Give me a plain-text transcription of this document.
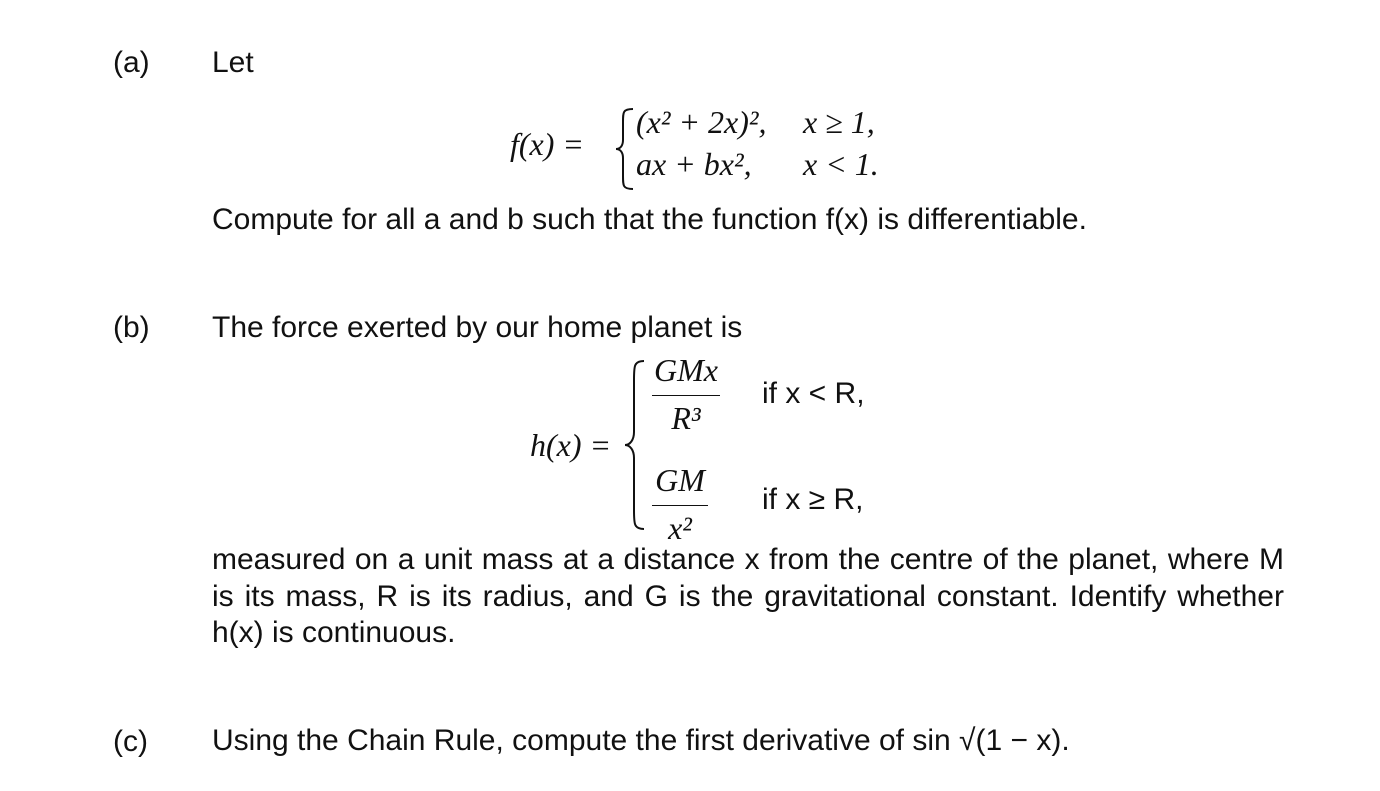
(a) Let
f(x) =
(x² + 2x)², x ≥ 1,
ax + bx², x < 1.
Compute for all a and b such that the function f(x) is differentiable.
(b) The force exerted by our home planet is
h(x) =
GMx
R³
if x < R,
GM
x²
if x ≥ R,
measured on a unit mass at a distance x from the centre of the planet, where M is its mass, R is its radius, and G is the gravitational constant. Identify whether h(x) is continuous.
(c) Using the Chain Rule, compute the first derivative of sin √(1 − x).
